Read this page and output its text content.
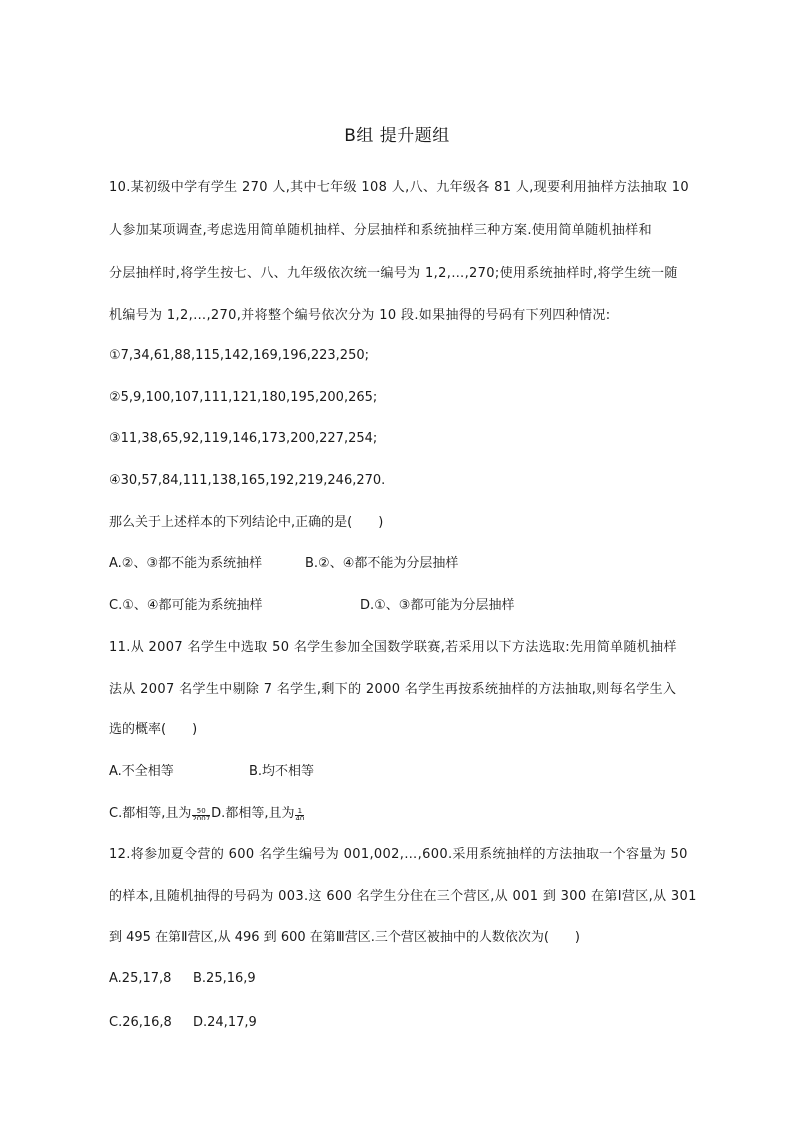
B组 提升题组
10.某初级中学有学生 270 人,其中七年级 108 人,八、九年级各 81 人,现要利用抽样方法抽取 10
人参加某项调查,考虑选用简单随机抽样、分层抽样和系统抽样三种方案.使用简单随机抽样和
分层抽样时,将学生按七、八、九年级依次统一编号为 1,2,…,270;使用系统抽样时,将学生统一随
机编号为 1,2,…,270,并将整个编号依次分为 10 段.如果抽得的号码有下列四种情况:
①7,34,61,88,115,142,169,196,223,250;
②5,9,100,107,111,121,180,195,200,265;
③11,38,65,92,119,146,173,200,227,254;
④30,57,84,111,138,165,192,219,246,270.
那么关于上述样本的下列结论中,正确的是(　　)
A.②、③都不能为系统抽样	B.②、④都不能为分层抽样
C.①、④都可能为系统抽样	D.①、③都可能为分层抽样
11.从 2007 名学生中选取 50 名学生参加全国数学联赛,若采用以下方法选取:先用简单随机抽样
法从 2007 名学生中剔除 7 名学生,剩下的 2000 名学生再按系统抽样的方法抽取,则每名学生入
选的概率(　　)
A.不全相等	B.均不相等
C.都相等,且为 $\frac{50}{2007} D$.都相等,且为 $\frac{1}{40}$
12.将参加夏令营的 600 名学生编号为 001,002,…,600.采用系统抽样的方法抽取一个容量为 50
的样本,且随机抽得的号码为 003.这 600 名学生分住在三个营区,从 001 到 300 在第Ⅰ营区,从 301
到 495 在第Ⅱ营区,从 496 到 600 在第Ⅲ营区.三个营区被抽中的人数依次为(　　)
A.25,17,8 B.25,16,9
C.26,16,8 D.24,17,9
